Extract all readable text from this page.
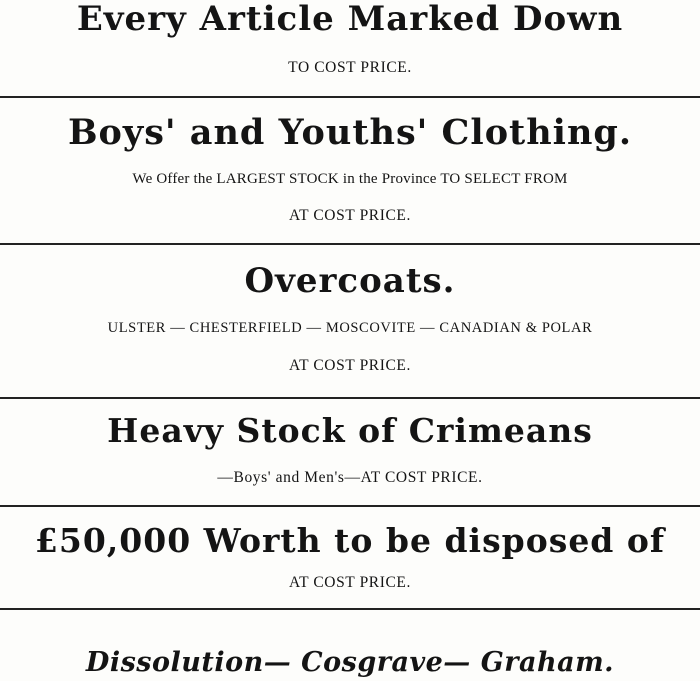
Every Article Marked Down
TO COST PRICE.
Boys' and Youths' Clothing.
We Offer the LARGEST STOCK in the Province TO SELECT FROM
AT COST PRICE.
Overcoats.
ULSTER — CHESTERFIELD — MOSCOVITE — CANADIAN & POLAR
AT COST PRICE.
Heavy Stock of Crimeans
—Boys' and Men's—AT COST PRICE.
£50,000 Worth to be disposed of
AT COST PRICE.
Dissolution— Cosgrave— Graham.
